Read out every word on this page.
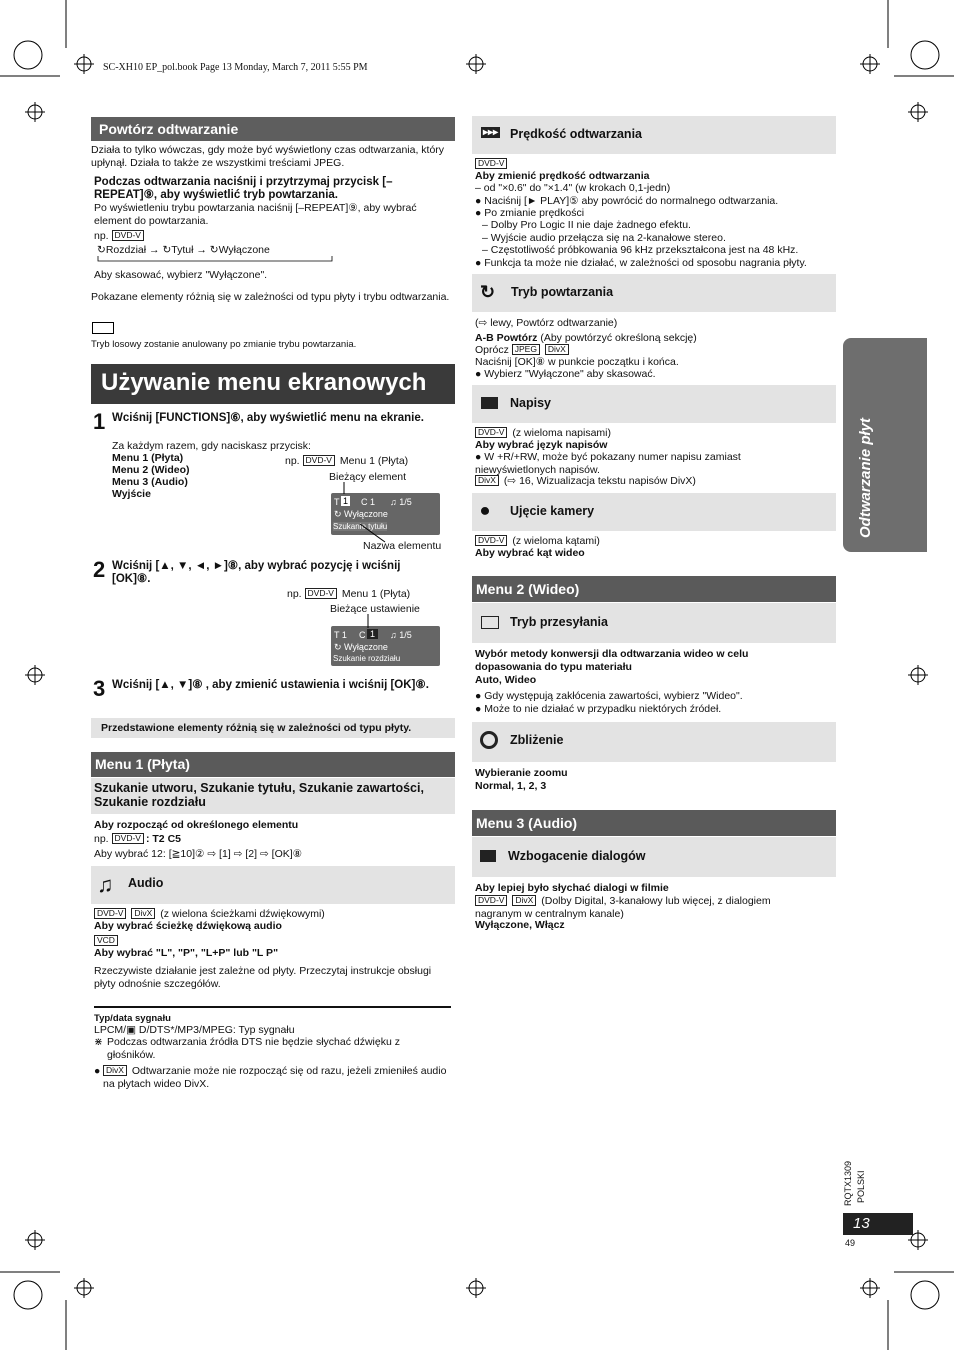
SC-XH10 EP_pol.book Page 13 Monday, March 7, 2011 5:55 PM
Powtórz odtwarzanie
Działa to tylko wówczas, gdy może być wyświetlony czas odtwarzania, który upłynął. Działa to także ze wszystkimi treściami JPEG.
Podczas odtwarzania naciśnij i przytrzymaj przycisk [–REPEAT]⑨, aby wyświetlić tryb powtarzania.
Po wyświetleniu trybu powtarzania naciśnij [–REPEAT]⑨, aby wybrać element do powtarzania.
np. DVD-V
↻Rozdział → ↻Tytuł → ↻Wyłączone
Aby skasować, wybierz "Wyłączone".
Pokazane elementy różnią się w zależności od typu płyty i trybu odtwarzania.
Tryb losowy zostanie anulowany po zmianie trybu powtarzania.
Używanie menu ekranowych
1 Wciśnij [FUNCTIONS]⑥, aby wyświetlić menu na ekranie.
Za każdym razem, gdy naciskasz przycisk:
Menu 1 (Płyta)
Menu 2 (Wideo)
Menu 3 (Audio)
Wyjście
np. DVD-V Menu 1 (Płyta)
Bieżący element
T 1 C 1 ♫ 1/5
↻ Wyłączone
Szukanie tytułu
Nazwa elementu
2 Wciśnij [▲, ▼, ◄, ►]⑧, aby wybrać pozycję i wciśnij [OK]⑧.
np. DVD-V Menu 1 (Płyta)
Bieżące ustawienie
T 1 C 1	♫ 1/5
↻ Wyłączone
Szukanie rozdziału
3 Wciśnij [▲, ▼]⑧ , aby zmienić ustawienia i wciśnij [OK]⑧.
Przedstawione elementy różnią się w zależności od typu płyty.
Menu 1 (Płyta)
Szukanie utworu, Szukanie tytułu, Szukanie zawartości, Szukanie rozdziału
Aby rozpocząć od określonego elementu
np. DVD-V : T2 C5
Aby wybrać 12: [≧10]② ⇨ [1] ⇨ [2] ⇨ [OK]⑧
♫ Audio
DVD-V DivX (z wielona ścieżkami dźwiękowymi)
Aby wybrać ścieżkę dźwiękową audio
VCD
Aby wybrać "L", "P", "L+P" lub "L P"
Rzeczywiste działanie jest zależne od płyty. Przeczytaj instrukcje obsługi płyty odnośnie szczegółów.
Typ/data sygnału
LPCM/▣ D/DTS*/MP3/MPEG: Typ sygnału
⋇ Podczas odtwarzania źródła DTS nie będzie słychać dźwięku z głośników.
● DivX Odtwarzanie może nie rozpocząć się od razu, jeżeli zmieniłeś audio na płytach wideo DivX.
▸▸▸ Prędkość odtwarzania
DVD-V
Aby zmienić prędkość odtwarzania
– od "×0.6" do "×1.4" (w krokach 0,1-jedn)
● Naciśnij [► PLAY]⑤ aby powrócić do normalnego odtwarzania.
● Po zmianie prędkości
– Dolby Pro Logic II nie daje żadnego efektu.
– Wyjście audio przełącza się na 2-kanałowe stereo.
– Częstotliwość próbkowania 96 kHz przekształcona jest na 48 kHz.
● Funkcja ta może nie działać, w zależności od sposobu nagrania płyty.
↻ Tryb powtarzania
(⇨ lewy, Powtórz odtwarzanie)
A-B Powtórz (Aby powtórzyć określoną sekcję)
Oprócz JPEG DivX
Naciśnij [OK]⑧ w punkcie początku i końca.
● Wybierz "Wyłączone" aby skasować.
Napisy
DVD-V (z wieloma napisami)
Aby wybrać język napisów
● W +R/+RW, może być pokazany numer napisu zamiast niewyświetlonych napisów.
DivX (⇨ 16, Wizualizacja tekstu napisów DivX)
⏺ Ujęcie kamery
DVD-V (z wieloma kątami)
Aby wybrać kąt wideo
Menu 2 (Wideo)
Tryb przesyłania
Wybór metody konwersji dla odtwarzania wideo w celu dopasowania do typu materiału
Auto, Wideo
● Gdy występują zakłócenia zawartości, wybierz "Wideo".
● Może to nie działać w przypadku niektórych źródeł.
Zbliżenie
Wybieranie zoomu
Normal, 1, 2, 3
Menu 3 (Audio)
Wzbogacenie dialogów
Aby lepiej było słychać dialogi w filmie
DVD-V DivX (Dolby Digital, 3-kanałowy lub więcej, z dialogiem nagranym w centralnym kanale)
Wyłączone, Włącz
Odtwarzanie płyt
RQTX1309 POLSKI
13
49
